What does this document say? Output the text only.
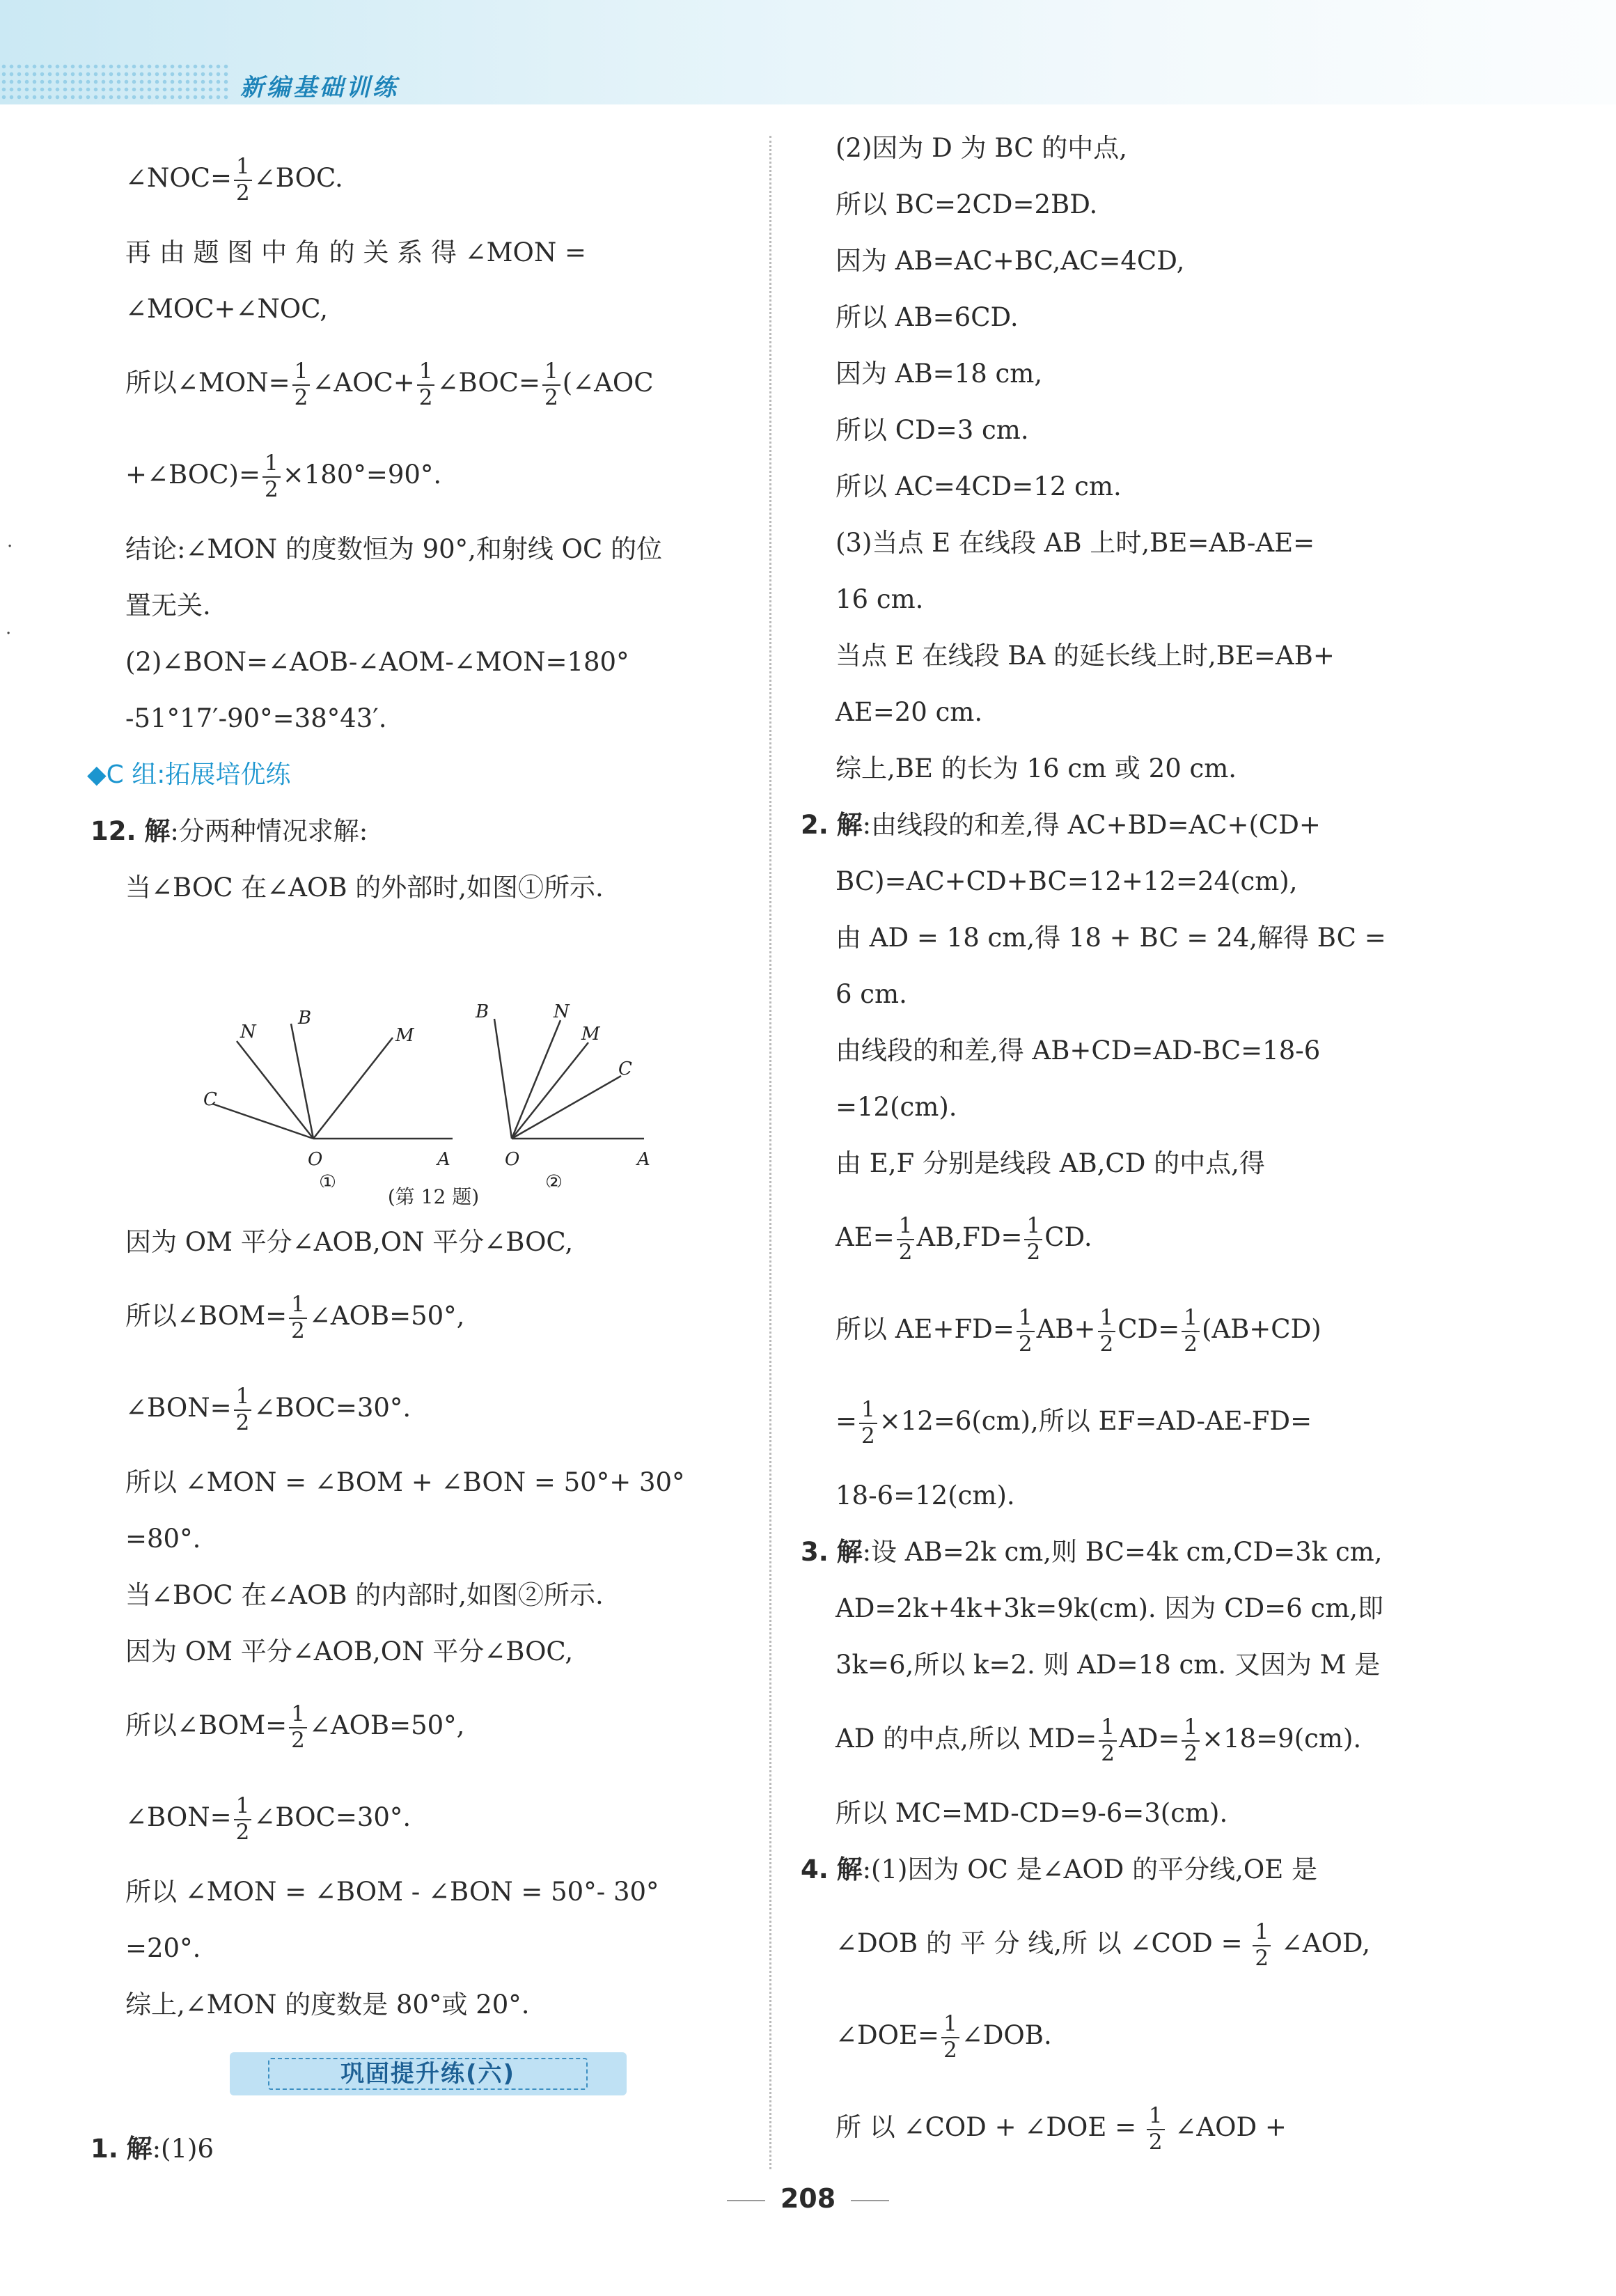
新编基础训练
·
·
∠NOC= $\frac{1}{2}$ ∠BOC.
再 由 题 图 中 角 的 关 系 得 ∠MON =
∠MOC+∠NOC,
所以∠MON= $\frac{1}{2}$ ∠AOC+ $\frac{1}{2}$ ∠BOC= $\frac{1}{2}$ (∠AOC
+∠BOC)= $\frac{1}{2} \times 180^\circ=90^\circ$.
结论:∠MON 的度数恒为 90°,和射线 OC 的位
置无关.
(2)∠BON=∠AOB-∠AOM-∠MON=180°
-51°17′-90°=38°43′.
◆C 组:拓展培优练
12. 解:分两种情况求解:
当∠BOC 在∠AOB 的外部时,如图①所示.
N
B
M
C
O	A
B	N
M
C
O	A
①	②
(第 12 题)
因为 OM 平分∠AOB,ON 平分∠BOC,
所以∠BOM= $\frac{1}{2}$ ∠AOB=50°,
∠BON= $\frac{1}{2}$ ∠BOC=30°.
所以 ∠MON = ∠BOM + ∠BON = 50°+ 30°
=80°.
当∠BOC 在∠AOB 的内部时,如图②所示.
因为 OM 平分∠AOB,ON 平分∠BOC,
所以∠BOM= $\frac{1}{2}$ ∠AOB=50°,
∠BON= $\frac{1}{2}$ ∠BOC=30°.
所以 ∠MON = ∠BOM - ∠BON = 50°- 30°
=20°.
综上,∠MON 的度数是 80°或 20°.
巩固提升练(六)
1. 解:(1)6
(2)因为 D 为 BC 的中点,
所以 BC=2CD=2BD.
因为 AB=AC+BC,AC=4CD,
所以 AB=6CD.
因为 AB=18 cm,
所以 CD=3 cm.
所以 AC=4CD=12 cm.
(3)当点 E 在线段 AB 上时,BE=AB-AE=
16 cm.
当点 E 在线段 BA 的延长线上时,BE=AB+
AE=20 cm.
综上,BE 的长为 16 cm 或 20 cm.
2. 解:由线段的和差,得 AC+BD=AC+(CD+
BC)=AC+CD+BC=12+12=24(cm),
由 AD = 18 cm,得 18 + BC = 24,解得 BC =
6 cm.
由线段的和差,得 AB+CD=AD-BC=18-6
=12(cm).
由 E,F 分别是线段 AB,CD 的中点,得
$AE= \frac{1}{2} AB,FD= \frac{1}{2}$ CD.
所以 $AE+FD= \frac{1}{2} AB+ \frac{1}{2} CD= \frac{1}{2} (AB+CD)$
= $\frac{1}{2} \times 12=6(cm)$,所以 EF=AD-AE-FD=
18-6=12(cm).
3. 解:设 AB=2k cm,则 BC=4k cm,CD=3k cm,
AD=2k+4k+3k=9k(cm). 因为 CD=6 cm,即
3k=6,所以 k=2. 则 AD=18 cm. 又因为 M 是
AD 的中点,所以 $MD= \frac{1}{2} AD= \frac{1}{2} \times 18=9(cm)$.
所以 MC=MD-CD=9-6=3(cm).
4. 解:(1)因为 OC 是∠AOD 的平分线,OE 是
∠DOB 的 平 分 线,所 以 ∠COD = $\frac{1}{2}$ ∠AOD,
∠DOE= $\frac{1}{2}$ ∠DOB.
所 以 ∠COD + ∠DOE = $\frac{1}{2}$ ∠AOD +
208
